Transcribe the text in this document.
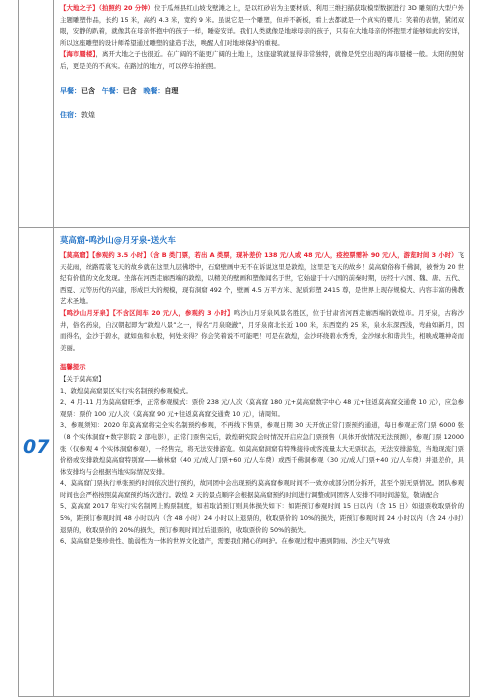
【大地之子】（拍照约 20 分钟）位于瓜州县红山坡戈壁滩之上，是以红砂岩为主要材质、利用三维扫描获取模型数据进行 3D 雕刻的大型户外主题雕塑作品，长约 15 米，高约 4.3 米，宽约 9 米。虽说它是一个雕塑，但并不新板，看上去都就是一个真实的婴儿：笑着的表情，紧闭双眼，安静的趴着，就像其在母亲怀抱中的孩子一样，睡姿安详。我们人类就像是地球母亲的孩子，只有在大地母亲的怀抱里才能够如此的安详，所以这座雕塑的设计师希望通过雕塑的建造手法，唤醒人们对地球保护的重视。

【海市蜃楼】，离开大地之子也很近。在广阔的不能更广阔的土地上，这座建筑就显得非常独特，就像是凭空出现的海市蜃楼一般。太阳的照射后，更是美的不真实。在路过的地方，可以停车拍拍照。

早餐：已含 午餐：已含 晚餐：自理

住宿：敦煌

07
莫高窟-鸣沙山@月牙泉-送火车

【莫高窟】【参观约 3.5 小时】（含 B 类门票，若出 A 类票，现补差价 138 元/人或 48 元/人，疫控票需补 90 元/人，游览时间 3 小时）飞天花雨，丝路霓裳飞天的故乡就在这里九层佛塔中，石窟壁画中无不在诉说这里是敦煌，这里是飞天的故乡！莫高窟俗称千佛洞，被誉为 20 世纪有价值的文化发现。坐落在河西走廊西端的敦煌，以精美的壁画和塑像闻名于世，它始建于十六国的前秦时期，历经十六国、魏、唐、五代、西夏、元等历代的兴建，形成巨大的规模，现有洞窟 492 个，壁画 4.5 万平方米、泥质彩塑 2415 尊，是世界上现存规模大、内容丰富的佛教艺术圣地。

【鸣沙山月牙泉】【不含区间车 20 元/人，参观约 3 小时】鸣沙山月牙泉风景名胜区，位于甘肃省河西走廊西端的敦煌市。月牙泉，古称沙井，俗名药泉，自汉朝起即为“敦煌八景”之一，得名“月泉晓澈”，月牙泉南北长近 100 米，东西宽约 25 米，泉水东深西浅，弯曲如新月，因而得名，金沙于碧水，就如鱼和水般，何处来得？你会笑着说不可能吧！可是在敦煌，金沙环绕碧水秀秀，金沙绿水和谐共生，相映成趣神奇而美丽。

温馨提示

【关于莫高窟】

1、敦煌莫高窟景区实行实名制预约参观模式。

2、4 月-11 月为莫高窟旺季，正常参观模式：票价 238 元/人次（莫高窟 180 元+莫高窟数字中心 48 元+往返莫高窟交通费 10 元），应急参观票：票价 100 元/人次（莫高窟 90 元+往返莫高窟交通费 10 元），请周知。

3、参观须知：2020 年莫高窟将完全实名制预约参观，不再线下售票，参观日期 30 天开放正常门票预约通道，每日参观正常门票 6000 张（8 个实体洞窟+数字影院 2 部电影），正常门票售完后，敦煌研究院会时情况开启应急门票预售（具体开放情况无法预测），参观门票 12000 张（仅参观 4 个实体洞窟参观），一经售完，将无法安排游览。如莫高窟洞窟有特殊接待或客流量太大无票状态，无法安排游览，当地现流门票价格或安排敦煌莫高窟特别窟——榆林窟（40 元/成人门票+60 元/人车费）或西千佛洞参观（30 元/成人门票+40 元/人车费）并退差价，具体安排均与会根据当地实际情况安排。

4、莫高窟门票执行单张预约时间依次进行预约，故同团中会出现预约莫高窟参观时间不一致亦或部分团分拆开，甚至个别无票情况。团队参观时间也会严格按照莫高窟预约场次进行。敦煌 2 天的景点顺序会根据莫高窟预约时间进行调整或同团客人安排不同时间游览，敬请配合

5、莫高窟 2017 年实行实名制网上购票制度，如若取消预订则具体损失如下：如距预订参观时间 15 日以内（含 15 日）如退票收取票价的 5%，距预订参观时间 48 小时以内（含 48 小时）24 小时以上退票的，收取票价的 10%的损失，距预订参观时间 24 小时以内（含 24 小时）退票的，收取票价的 20%的损失，预订参观时间过后退票的，收取票价的 50%的损失。

6、莫高窟是集珍贵性、脆弱性为一体的世界文化遗产，需要我们精心的呵护。在参观过程中遇到阴雨、沙尘天气导致
